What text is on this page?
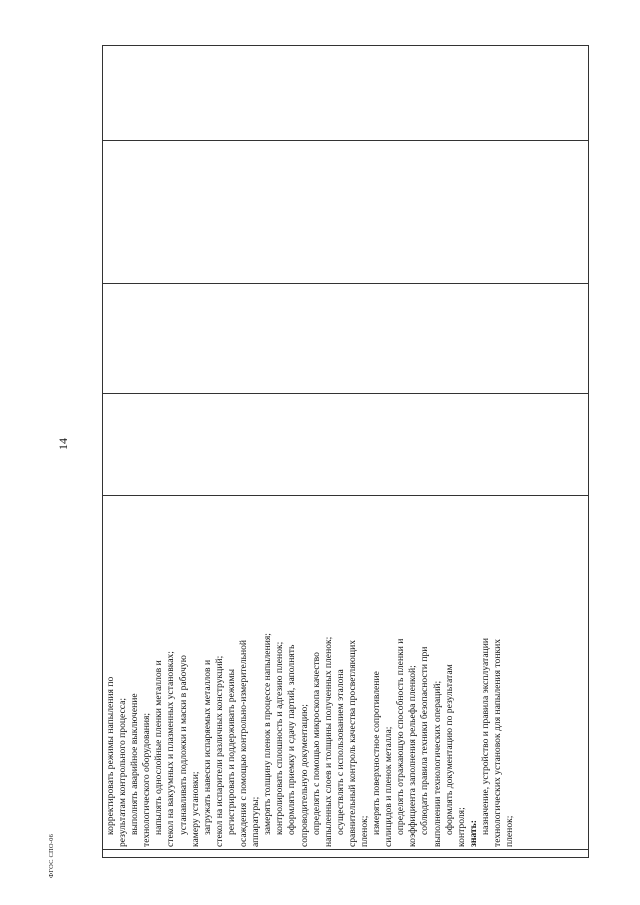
14

корректировать режимы напыления по результатам контрольного процесса; выполнять аварийное выключение технологического оборудования; напылять однослойные пленки металлов и стекол на вакуумных и плазменных установках; устанавливать подложки и маски в рабочую камеру установки; загружать навески испаряемых металлов и стекол на испарители различных конструкций; регистрировать и поддерживать режимы осаждения с помощью контрольно-измерительной аппаратуры; замерять толщину пленок в процессе напыления; контролировать сплошность и адгезию пленок; оформлять приемку и сдачу партий, заполнять сопроводительную документацию; определять с помощью микроскопа качество напыленных слоев и толщины полученных пленок; осуществлять с использованием эталона сравнительный контроль качества просветляющих пленок; измерять поверхностное сопротивление силицидов и пленок металла; определять отражающую способность пленки и коэффициента заполнения рельефа пленкой; соблюдать правила техники безопасности при выполнении технологических операций; оформлять документацию по результатам контроля; знать: назначение, устройство и правила эксплуатации технологических установок для напыления тонких пленок;

ФГОС СПО-06
